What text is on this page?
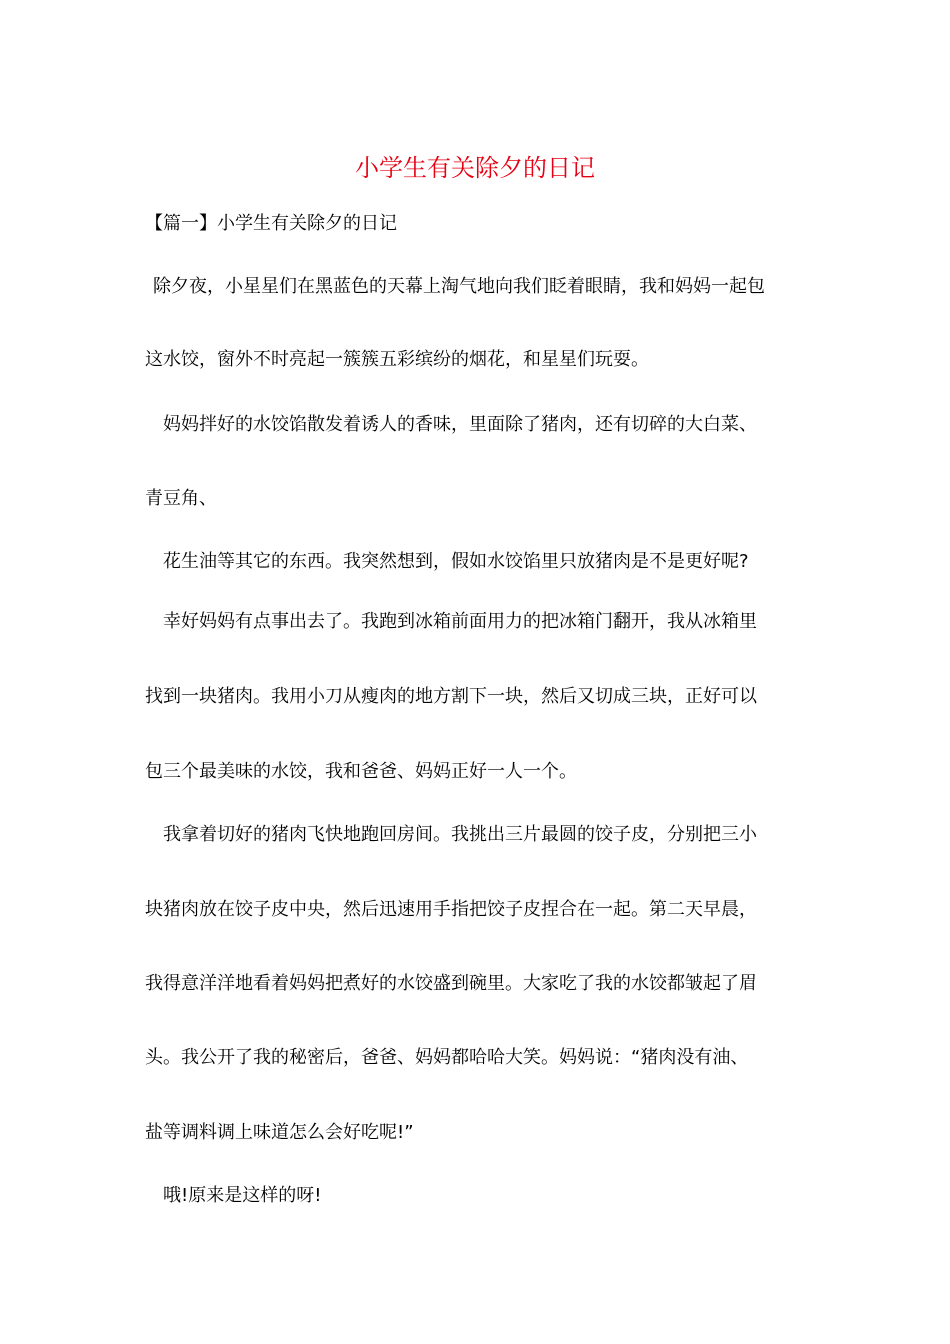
小学生有关除夕的日记

【篇一】小学生有关除夕的日记

除夕夜，小星星们在黑蓝色的天幕上淘气地向我们眨着眼睛，我和妈妈一起包

这水饺，窗外不时亮起一簇簇五彩缤纷的烟花，和星星们玩耍。

妈妈拌好的水饺馅散发着诱人的香味，里面除了猪肉，还有切碎的大白菜、

青豆角、

花生油等其它的东西。我突然想到，假如水饺馅里只放猪肉是不是更好呢?

幸好妈妈有点事出去了。我跑到冰箱前面用力的把冰箱门翻开，我从冰箱里

找到一块猪肉。我用小刀从瘦肉的地方割下一块，然后又切成三块，正好可以

包三个最美味的水饺，我和爸爸、妈妈正好一人一个。

我拿着切好的猪肉飞快地跑回房间。我挑出三片最圆的饺子皮，分别把三小

块猪肉放在饺子皮中央，然后迅速用手指把饺子皮捏合在一起。第二天早晨，

我得意洋洋地看着妈妈把煮好的水饺盛到碗里。大家吃了我的水饺都皱起了眉

头。我公开了我的秘密后，爸爸、妈妈都哈哈大笑。妈妈说：“猪肉没有油、

盐等调料调上味道怎么会好吃呢!”

哦!原来是这样的呀!
